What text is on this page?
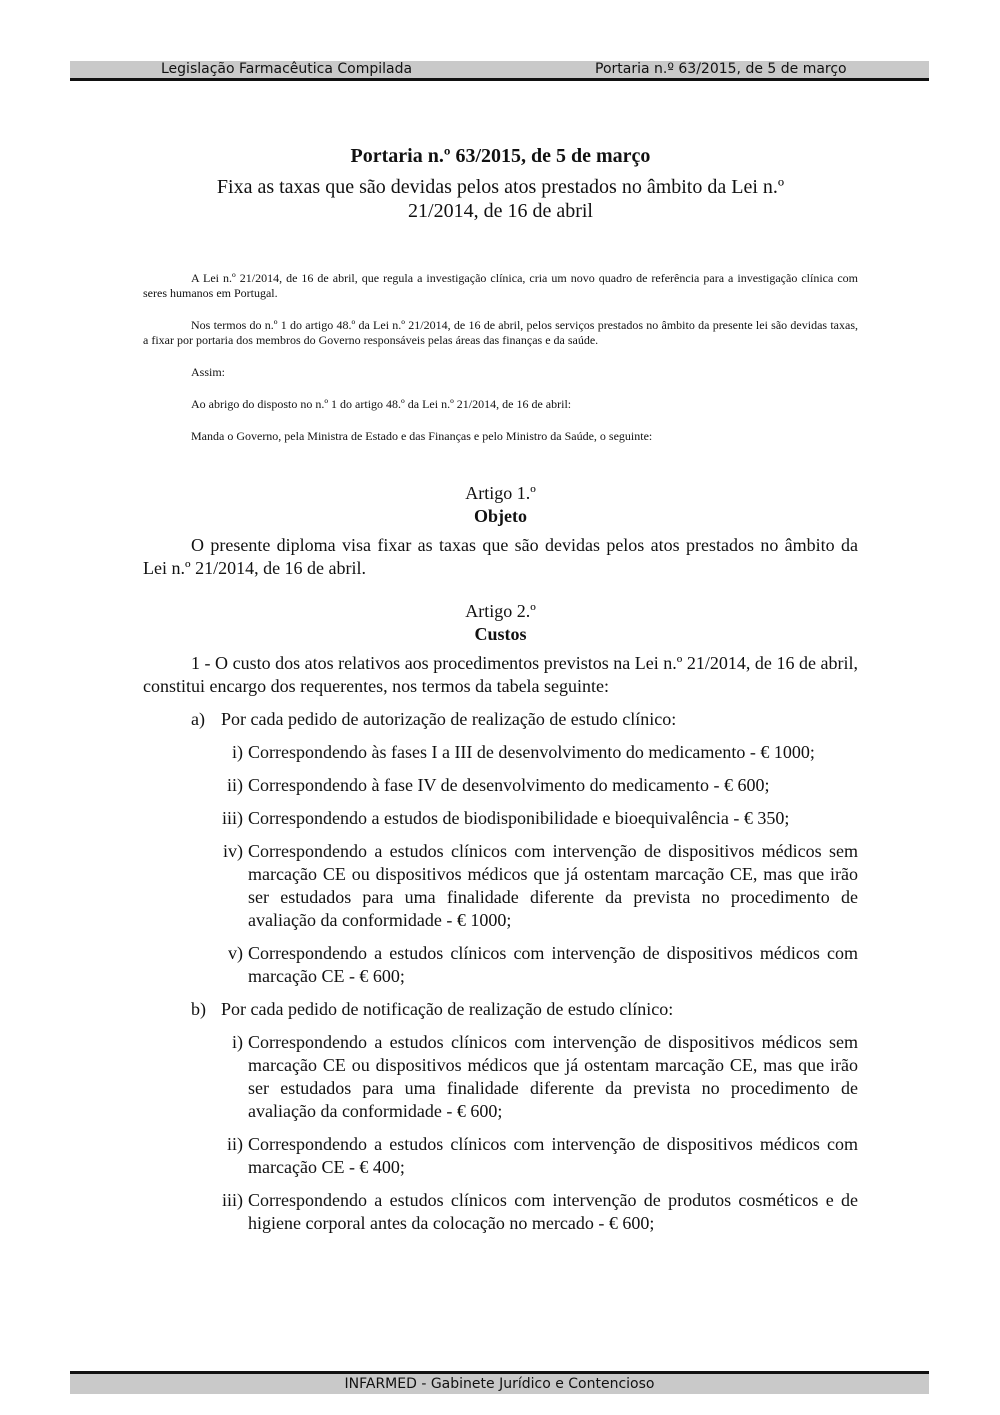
Legislação Farmacêutica Compilada	Portaria n.º 63/2015, de 5 de março
Portaria n.º 63/2015, de 5 de março
Fixa as taxas que são devidas pelos atos prestados no âmbito da Lei n.º
21/2014, de 16 de abril

A Lei n.º 21/2014, de 16 de abril, que regula a investigação clínica, cria um novo quadro de referência para a investigação clínica com seres humanos em Portugal.

Nos termos do n.º 1 do artigo 48.º da Lei n.º 21/2014, de 16 de abril, pelos serviços prestados no âmbito da presente lei são devidas taxas, a fixar por portaria dos membros do Governo responsáveis pelas áreas das finanças e da saúde.

Assim:

Ao abrigo do disposto no n.º 1 do artigo 48.º da Lei n.º 21/2014, de 16 de abril:

Manda o Governo, pela Ministra de Estado e das Finanças e pelo Ministro da Saúde, o seguinte:

Artigo 1.º
Objeto

O presente diploma visa fixar as taxas que são devidas pelos atos prestados no âmbito da Lei n.º 21/2014, de 16 de abril.

Artigo 2.º
Custos

1 - O custo dos atos relativos aos procedimentos previstos na Lei n.º 21/2014, de 16 de abril, constitui encargo dos requerentes, nos termos da tabela seguinte:

a) Por cada pedido de autorização de realização de estudo clínico:
i) Correspondendo às fases I a III de desenvolvimento do medicamento - € 1000;
ii) Correspondendo à fase IV de desenvolvimento do medicamento - € 600;
iii) Correspondendo a estudos de biodisponibilidade e bioequivalência - € 350;
iv) Correspondendo a estudos clínicos com intervenção de dispositivos médicos sem marcação CE ou dispositivos médicos que já ostentam marcação CE, mas que irão ser estudados para uma finalidade diferente da prevista no procedimento de avaliação da conformidade - € 1000;
v) Correspondendo a estudos clínicos com intervenção de dispositivos médicos com marcação CE - € 600;
b) Por cada pedido de notificação de realização de estudo clínico:
i) Correspondendo a estudos clínicos com intervenção de dispositivos médicos sem marcação CE ou dispositivos médicos que já ostentam marcação CE, mas que irão ser estudados para uma finalidade diferente da prevista no procedimento de avaliação da conformidade - € 600;
ii) Correspondendo a estudos clínicos com intervenção de dispositivos médicos com marcação CE - € 400;
iii) Correspondendo a estudos clínicos com intervenção de produtos cosméticos e de higiene corporal antes da colocação no mercado - € 600;
INFARMED - Gabinete Jurídico e Contencioso
